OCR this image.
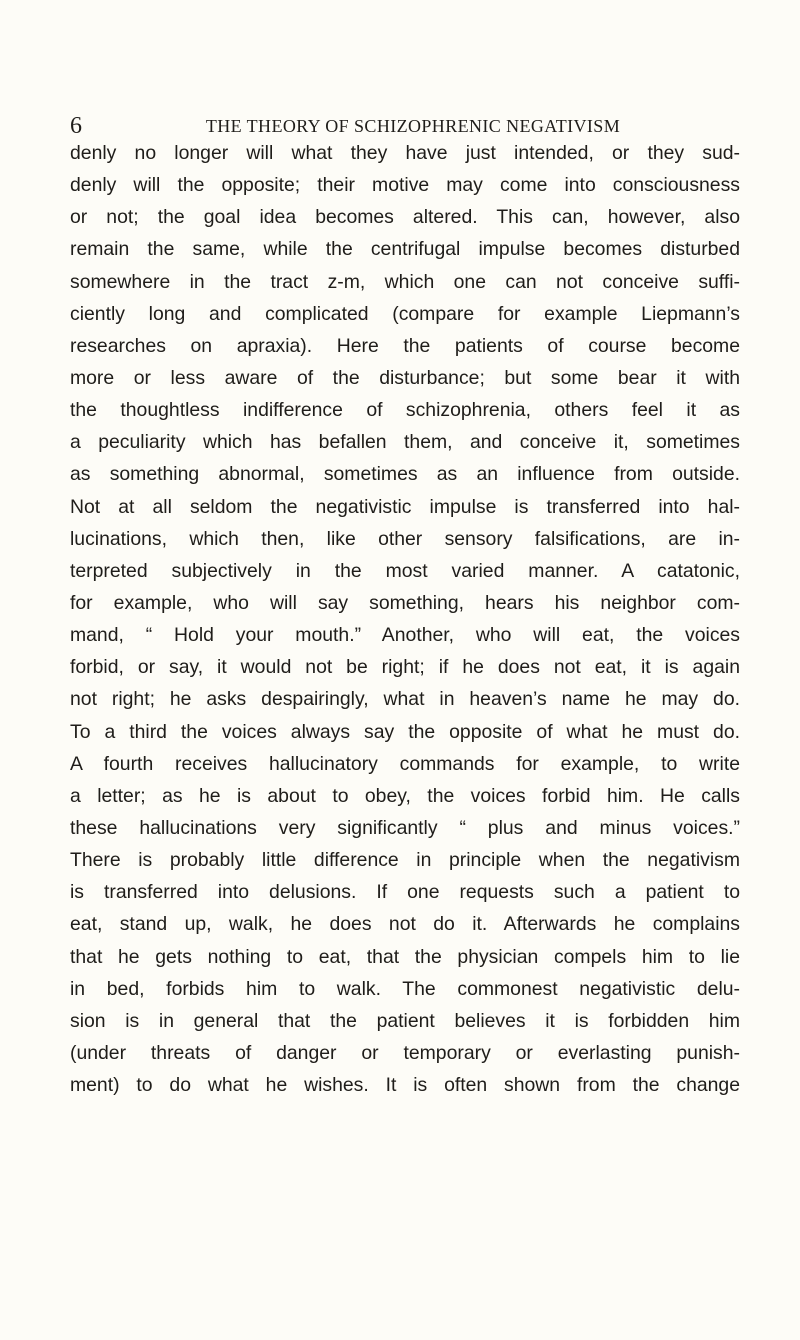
6	THE THEORY OF SCHIZOPHRENIC NEGATIVISM
denly no longer will what they have just intended, or they sud-
denly will the opposite; their motive may come into consciousness
or not; the goal idea becomes altered. This can, however, also
remain the same, while the centrifugal impulse becomes disturbed
somewhere in the tract z-m, which one can not conceive suffi-
ciently long and complicated (compare for example Liepmann’s
researches on apraxia). Here the patients of course become
more or less aware of the disturbance; but some bear it with
the thoughtless indifference of schizophrenia, others feel it as
a peculiarity which has befallen them, and conceive it, sometimes
as something abnormal, sometimes as an influence from outside.
Not at all seldom the negativistic impulse is transferred into hal-
lucinations, which then, like other sensory falsifications, are in-
terpreted subjectively in the most varied manner. A catatonic,
for example, who will say something, hears his neighbor com-
mand, “ Hold your mouth.” Another, who will eat, the voices
forbid, or say, it would not be right; if he does not eat, it is again
not right; he asks despairingly, what in heaven’s name he may do.
To a third the voices always say the opposite of what he must do.
A fourth receives hallucinatory commands for example, to write
a letter; as he is about to obey, the voices forbid him. He calls
these hallucinations very significantly “ plus and minus voices.”
There is probably little difference in principle when the negativism
is transferred into delusions. If one requests such a patient to
eat, stand up, walk, he does not do it. Afterwards he complains
that he gets nothing to eat, that the physician compels him to lie
in bed, forbids him to walk. The commonest negativistic delu-
sion is in general that the patient believes it is forbidden him
(under threats of danger or temporary or everlasting punish-
ment) to do what he wishes. It is often shown from the change
